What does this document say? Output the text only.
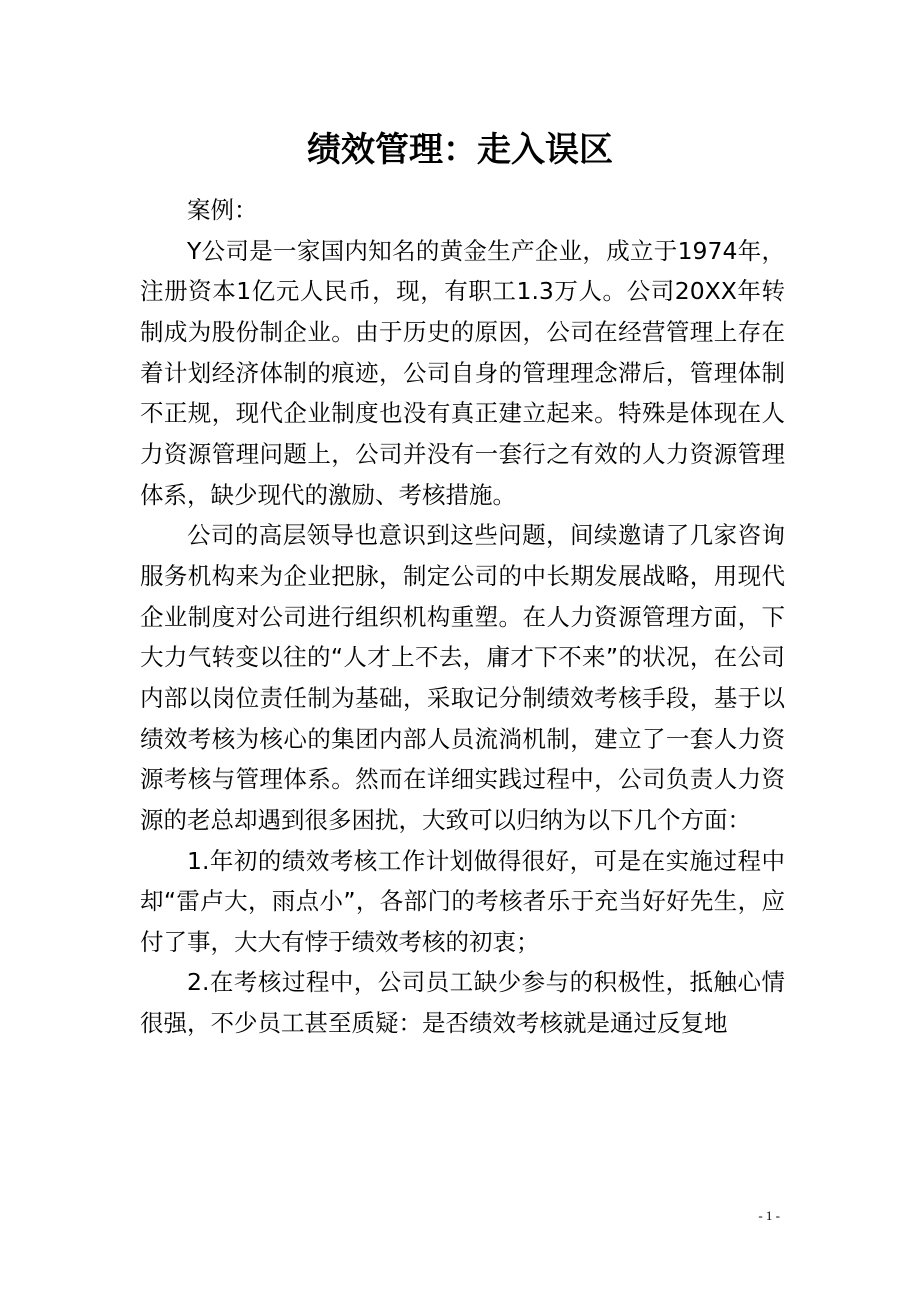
绩效管理：走入误区

案例：

Y公司是一家国内知名的黄金生产企业，成立于1974年，注册资本1亿元人民币，现，有职工1.3万人。公司20XX年转制成为股份制企业。由于历史的原因，公司在经营管理上存在着计划经济体制的痕迹，公司自身的管理理念滞后，管理体制不正规，现代企业制度也没有真正建立起来。特殊是体现在人力资源管理问题上，公司并没有一套行之有效的人力资源管理体系，缺少现代的激励、考核措施。

公司的高层领导也意识到这些问题，间续邀请了几家咨询服务机构来为企业把脉，制定公司的中长期发展战略，用现代企业制度对公司进行组织机构重塑。在人力资源管理方面，下大力气转变以往的“人才上不去，庸才下不来”的状况，在公司内部以岗位责任制为基础，采取记分制绩效考核手段，基于以绩效考核为核心的集团内部人员流淌机制，建立了一套人力资源考核与管理体系。然而在详细实践过程中，公司负责人力资源的老总却遇到很多困扰，大致可以归纳为以下几个方面：

1.年初的绩效考核工作计划做得很好，可是在实施过程中却“雷卢大，雨点小”，各部门的考核者乐于充当好好先生，应付了事，大大有悖于绩效考核的初衷；

2.在考核过程中，公司员工缺少参与的积极性，抵触心情很强，不少员工甚至质疑：是否绩效考核就是通过反复地

- 1 -
